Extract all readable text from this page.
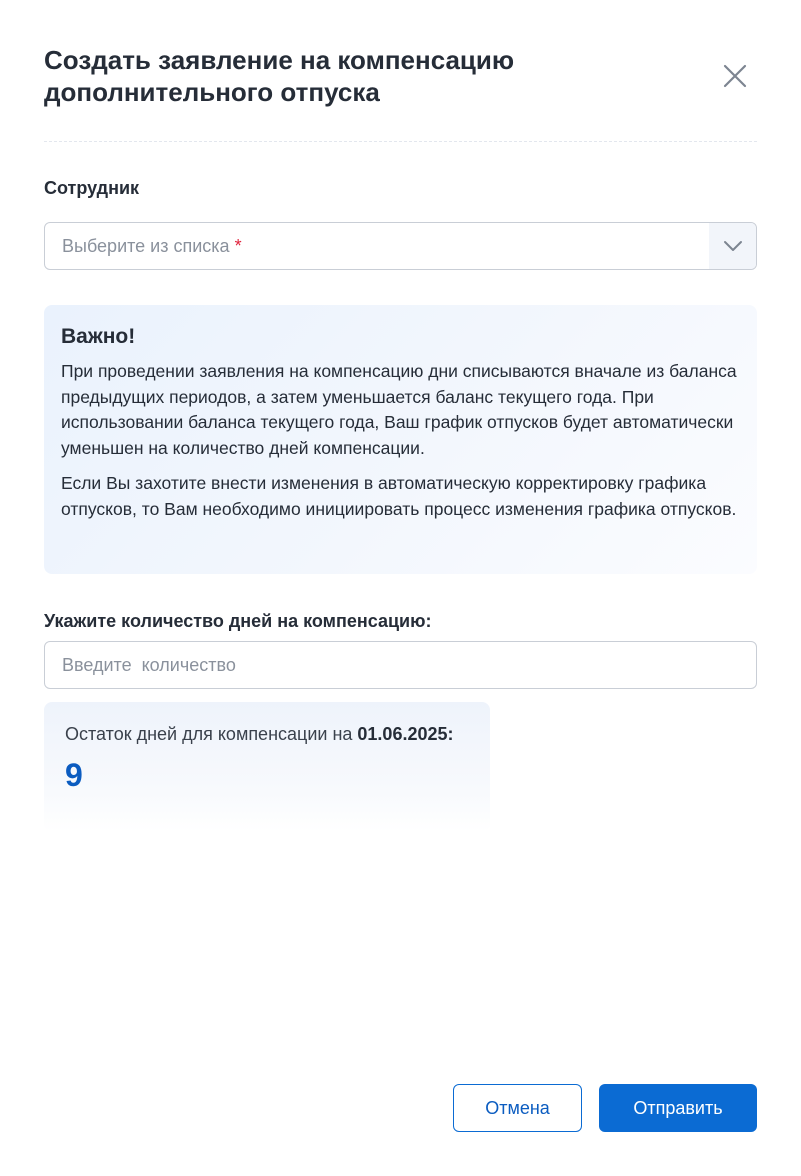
Создать заявление на компенсацию дополнительного отпуска
Сотрудник
Выберите из списка *
Важно!

При проведении заявления на компенсацию дни списываются вначале из баланса предыдущих периодов, а затем уменьшается баланс текущего года. При использовании баланса текущего года, Ваш график отпусков будет автоматически уменьшен на количество дней компенсации.

Если Вы захотите внести изменения в автоматическую корректировку графика отпусков, то Вам необходимо инициировать процесс изменения графика отпусков.

Укажите количество дней на компенсацию:
Введите количество
Остаток дней для компенсации на 01.06.2025:
9
Отмена	Отправить
